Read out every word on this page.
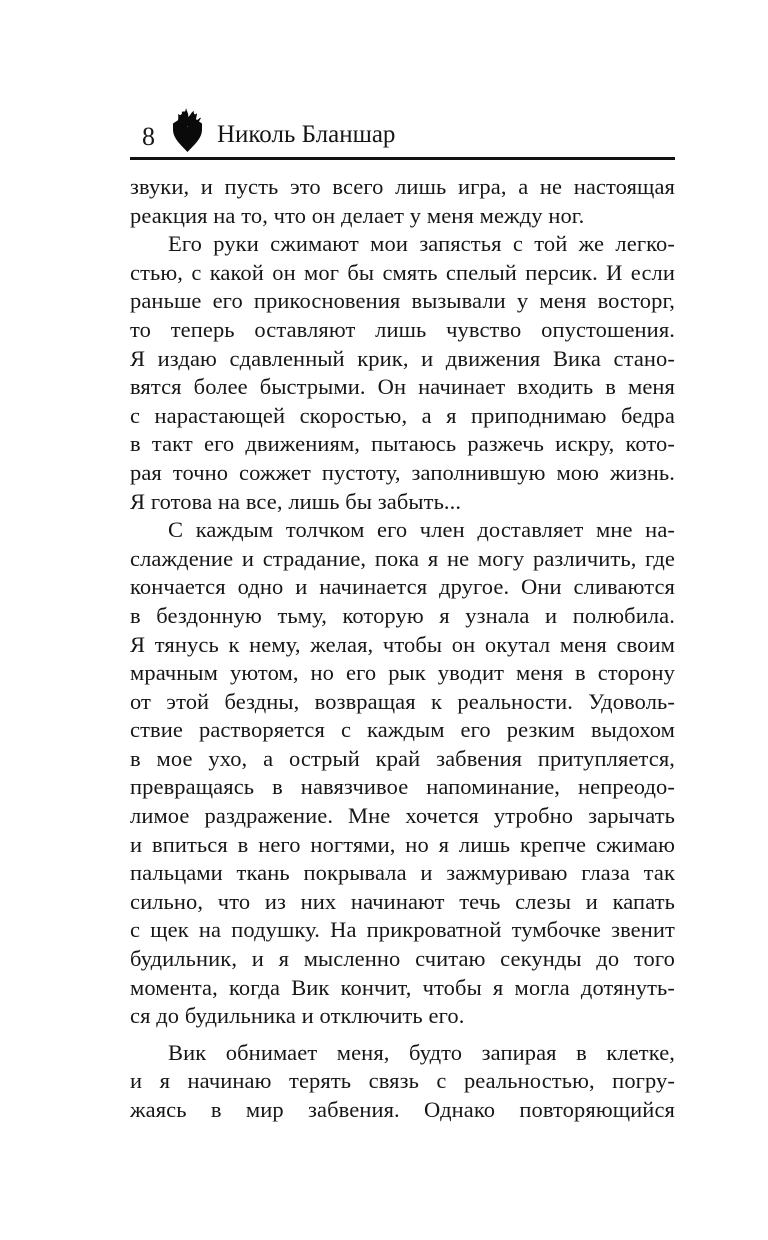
8 Николь Бланшар
звуки, и пусть это всего лишь игра, а не настоящая
реакция на то, что он делает у меня между ног.
Его руки сжимают мои запястья с той же легко-
стью, с какой он мог бы смять спелый персик. И если
раньше его прикосновения вызывали у меня восторг,
то теперь оставляют лишь чувство опустошения.
Я издаю сдавленный крик, и движения Вика стано-
вятся более быстрыми. Он начинает входить в меня
с нарастающей скоростью, а я приподнимаю бедра
в такт его движениям, пытаюсь разжечь искру, кото-
рая точно сожжет пустоту, заполнившую мою жизнь.
Я готова на все, лишь бы забыть...
С каждым толчком его член доставляет мне на-
слаждение и страдание, пока я не могу различить, где
кончается одно и начинается другое. Они сливаются
в бездонную тьму, которую я узнала и полюбила.
Я тянусь к нему, желая, чтобы он окутал меня своим
мрачным уютом, но его рык уводит меня в сторону
от этой бездны, возвращая к реальности. Удоволь-
ствие растворяется с каждым его резким выдохом
в мое ухо, а острый край забвения притупляется,
превращаясь в навязчивое напоминание, непреодо-
лимое раздражение. Мне хочется утробно зарычать
и впиться в него ногтями, но я лишь крепче сжимаю
пальцами ткань покрывала и зажмуриваю глаза так
сильно, что из них начинают течь слезы и капать
с щек на подушку. На прикроватной тумбочке звенит
будильник, и я мысленно считаю секунды до того
момента, когда Вик кончит, чтобы я могла дотянуть-
ся до будильника и отключить его.
Вик обнимает меня, будто запирая в клетке,
и я начинаю терять связь с реальностью, погру-
жаясь в мир забвения. Однако повторяющийся
